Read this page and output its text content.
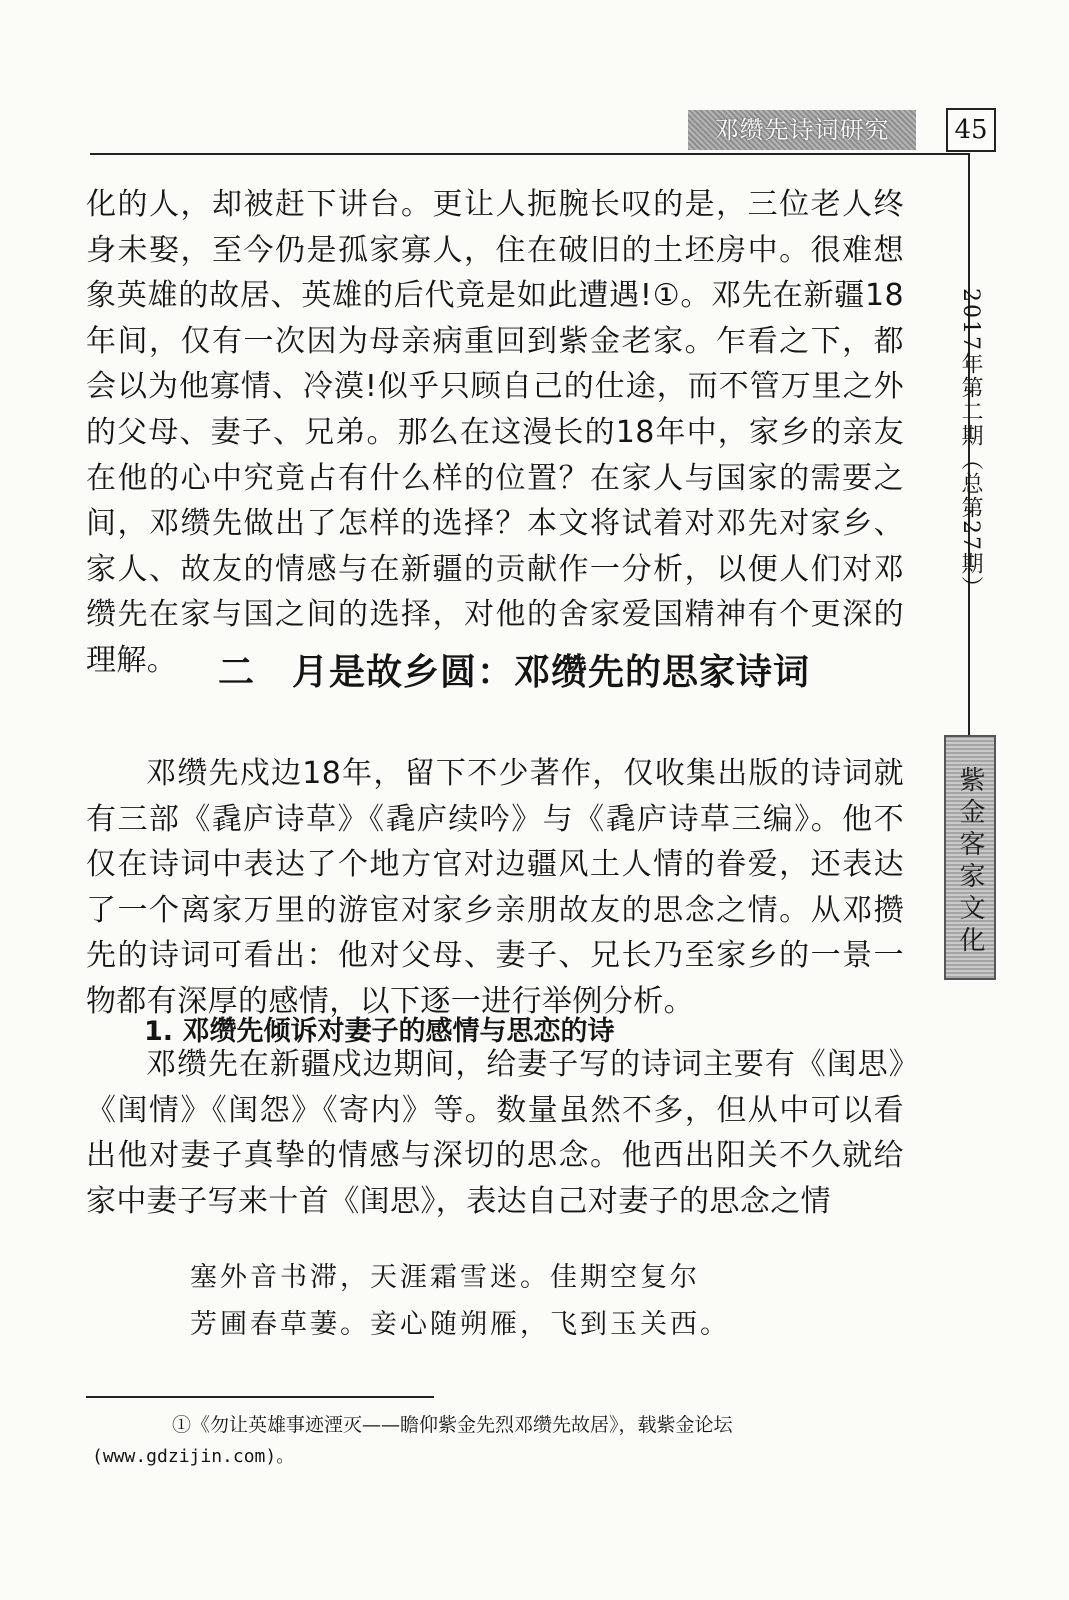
邓缵先诗词研究	45
2017年第二期（总第27期）
紫金客家文化

化的人，却被赶下讲台。更让人扼腕长叹的是，三位老人终身未娶，至今仍是孤家寡人，住在破旧的土坯房中。很难想象英雄的故居、英雄的后代竟是如此遭遇!①。邓先在新疆18年间，仅有一次因为母亲病重回到紫金老家。乍看之下，都会以为他寡情、冷漠!似乎只顾自己的仕途，而不管万里之外的父母、妻子、兄弟。那么在这漫长的18年中，家乡的亲友在他的心中究竟占有什么样的位置？在家人与国家的需要之间，邓缵先做出了怎样的选择？本文将试着对邓先对家乡、家人、故友的情感与在新疆的贡献作一分析，以便人们对邓缵先在家与国之间的选择，对他的舍家爱国精神有个更深的理解。	二　月是故乡圆：邓缵先的思家诗词

邓缵先戍边18年，留下不少著作，仅收集出版的诗词就有三部《毳庐诗草》《毳庐续吟》与《毳庐诗草三编》。他不仅在诗词中表达了个地方官对边疆风土人情的眷爱，还表达了一个离家万里的游宦对家乡亲朋故友的思念之情。从邓攒先的诗词可看出：他对父母、妻子、兄长乃至家乡的一景一物都有深厚的感情，以下逐一进行举例分析。

1. 邓缵先倾诉对妻子的感情与思恋的诗

邓缵先在新疆戍边期间，给妻子写的诗词主要有《闺思》《闺情》《闺怨》《寄内》等。数量虽然不多，但从中可以看出他对妻子真挚的情感与深切的思念。他西出阳关不久就给家中妻子写来十首《闺思》，表达自己对妻子的思念之情

塞外音书滞，天涯霜雪迷。佳期空复尔
芳圃春草萋。妾心随朔雁，飞到玉关西。
①《勿让英雄事迹湮灭——瞻仰紫金先烈邓缵先故居》，载紫金论坛
(www.gdzijin.com)。
